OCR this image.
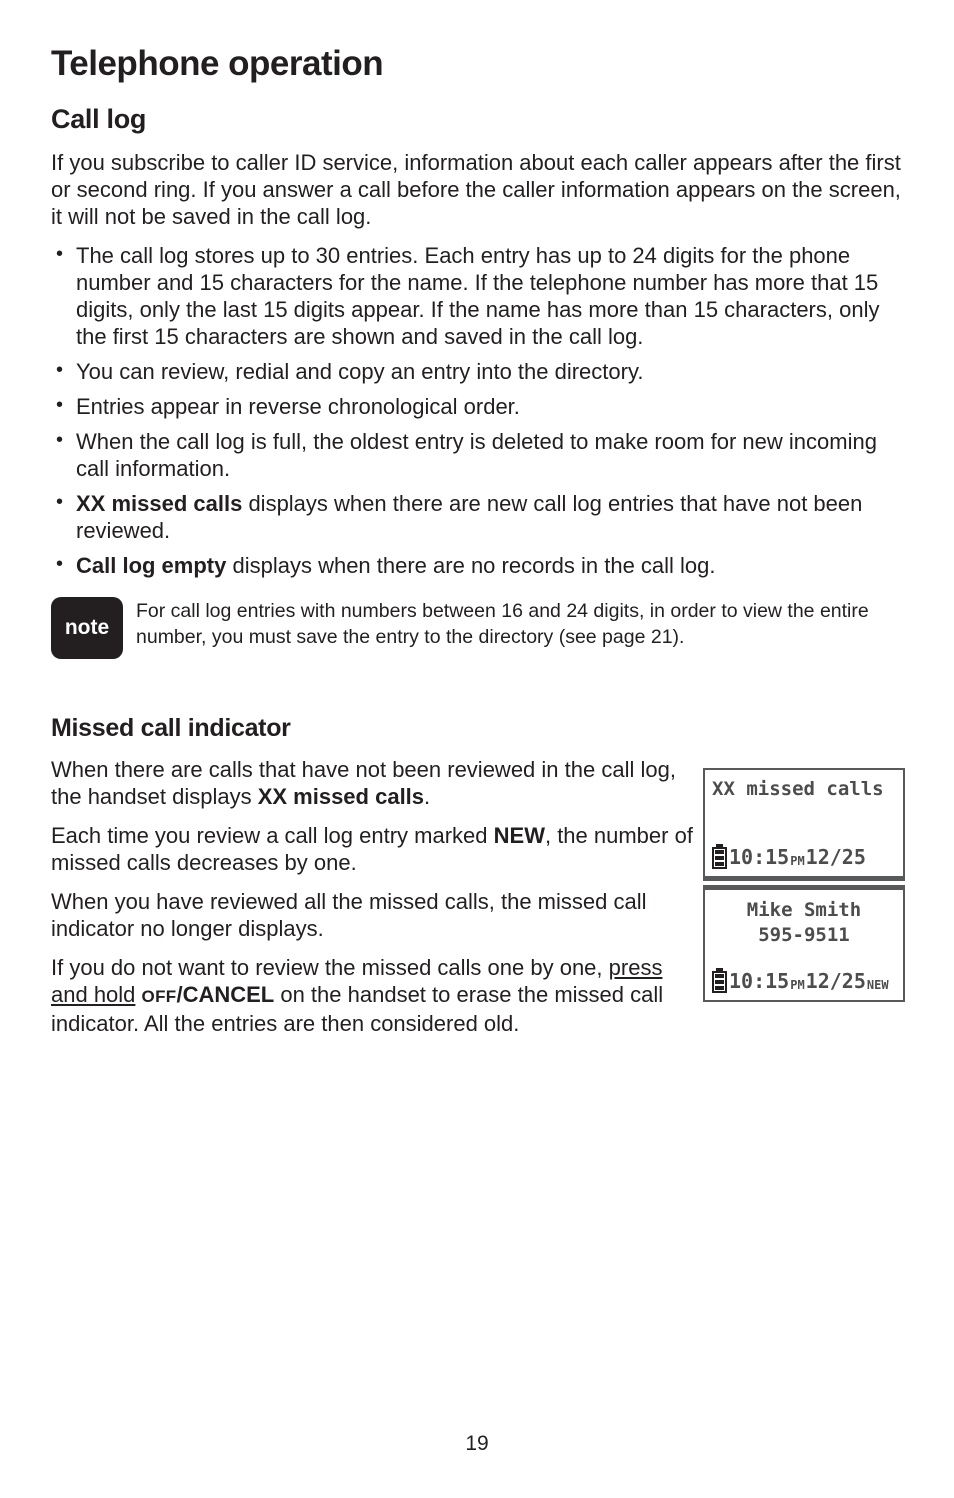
Telephone operation
Call log

If you subscribe to caller ID service, information about each caller appears after the first or second ring. If you answer a call before the caller information appears on the screen, it will not be saved in the call log.

• The call log stores up to 30 entries. Each entry has up to 24 digits for the phone number and 15 characters for the name. If the telephone number has more that 15 digits, only the last 15 digits appear. If the name has more than 15 characters, only the first 15 characters are shown and saved in the call log.
• You can review, redial and copy an entry into the directory.
• Entries appear in reverse chronological order.
• When the call log is full, the oldest entry is deleted to make room for new incoming call information.
• XX missed calls displays when there are new call log entries that have not been reviewed.
• Call log empty displays when there are no records in the call log.
note
For call log entries with numbers between 16 and 24 digits, in order to view the entire number, you must save the entry to the directory (see page 21).
Missed call indicator

When there are calls that have not been reviewed in the call log, the handset displays XX missed calls.

Each time you review a call log entry marked NEW, the number of missed calls decreases by one.

When you have reviewed all the missed calls, the missed call indicator no longer displays.

If you do not want to review the missed calls one by one, press and hold OFF/CANCEL on the handset to erase the missed call indicator. All the entries are then considered old.

XX missed calls
10:15 PM 12/25
Mike Smith
595-9511
10:15 PM 12/25 NEW
19
